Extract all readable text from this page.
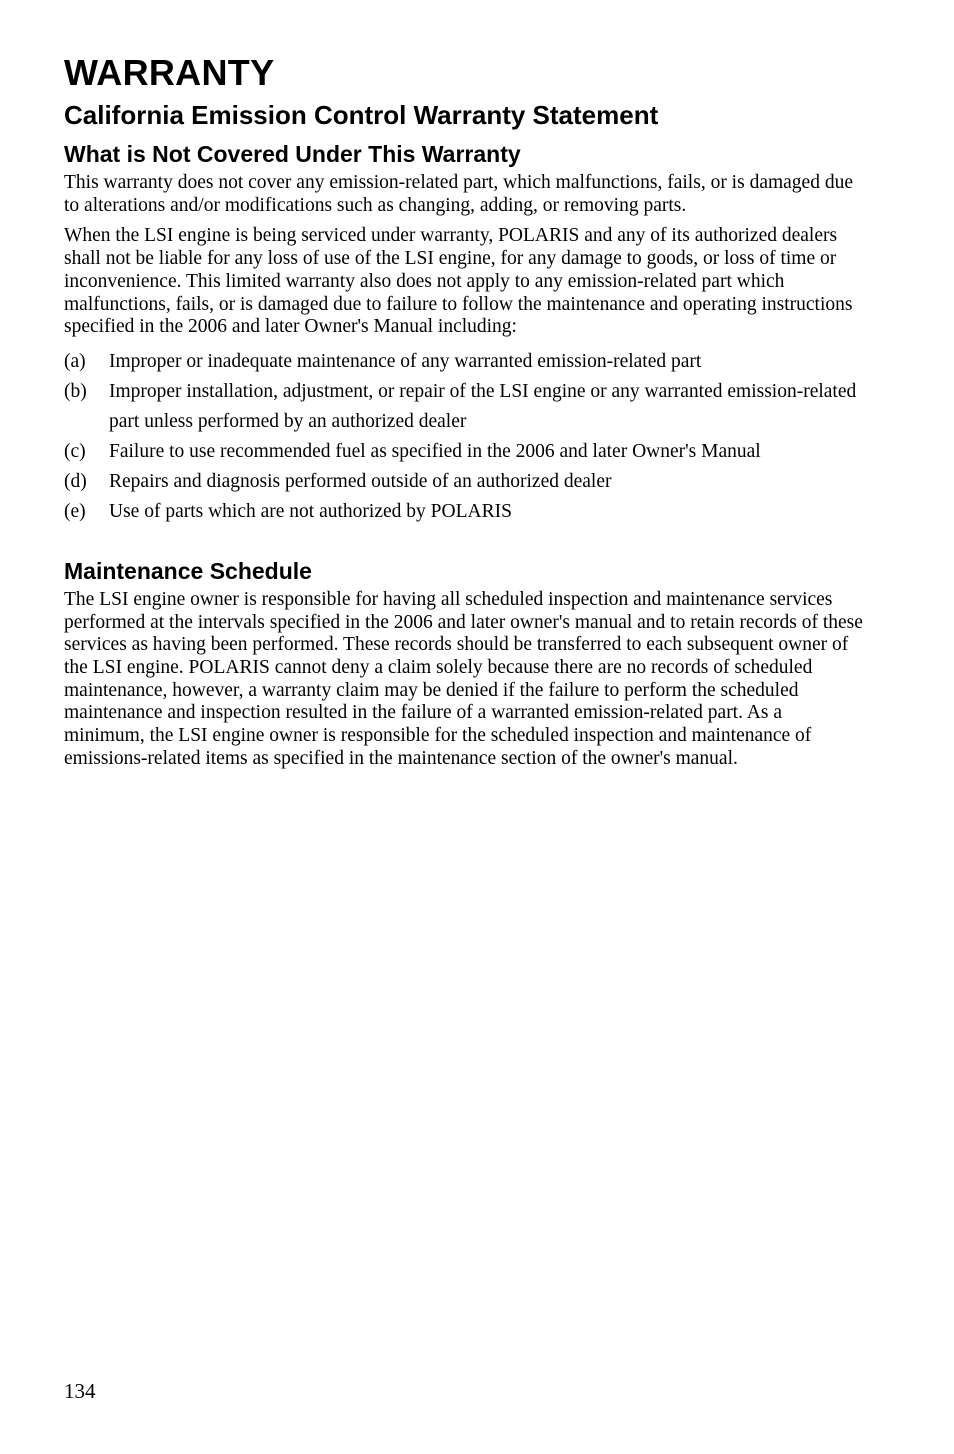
WARRANTY
California Emission Control Warranty Statement
What is Not Covered Under This Warranty

This warranty does not cover any emission-related part, which malfunctions, fails, or is damaged due to alterations and/or modifications such as changing, adding, or removing parts.

When the LSI engine is being serviced under warranty, POLARIS and any of its authorized dealers shall not be liable for any loss of use of the LSI engine, for any damage to goods, or loss of time or inconvenience. This limited warranty also does not apply to any emission-related part which malfunctions, fails, or is damaged due to failure to follow the maintenance and operating instructions specified in the 2006 and later Owner's Manual including:

(a)	Improper or inadequate maintenance of any warranted emission-related part
(b)	Improper installation, adjustment, or repair of the LSI engine or any warranted emission-related part unless performed by an authorized dealer
(c)	Failure to use recommended fuel as specified in the 2006 and later Owner's Manual
(d)	Repairs and diagnosis performed outside of an authorized dealer
(e)	Use of parts which are not authorized by POLARIS
Maintenance Schedule

The LSI engine owner is responsible for having all scheduled inspection and maintenance services performed at the intervals specified in the 2006 and later owner's manual and to retain records of these services as having been performed. These records should be transferred to each subsequent owner of the LSI engine. POLARIS cannot deny a claim solely because there are no records of scheduled maintenance, however, a warranty claim may be denied if the failure to perform the scheduled maintenance and inspection resulted in the failure of a warranted emission-related part. As a minimum, the LSI engine owner is responsible for the scheduled inspection and maintenance of emissions-related items as specified in the maintenance section of the owner's manual.

134
